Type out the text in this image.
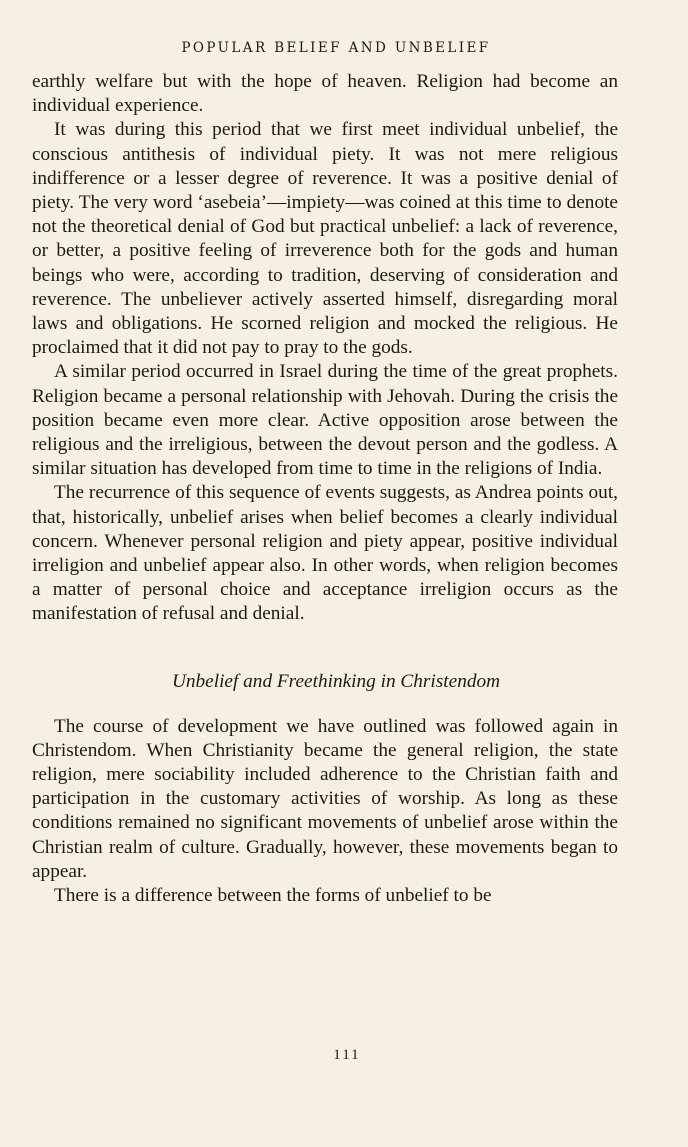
POPULAR BELIEF AND UNBELIEF

earthly welfare but with the hope of heaven. Religion had become an individual experience.

It was during this period that we first meet individual unbelief, the conscious antithesis of individual piety. It was not mere religious indifference or a lesser degree of reverence. It was a positive denial of piety. The very word ‘asebeia’—impiety—was coined at this time to denote not the theoretical denial of God but practical unbelief: a lack of reverence, or better, a positive feeling of irreverence both for the gods and human beings who were, according to tradition, deserving of consideration and reverence. The unbeliever actively asserted himself, disregarding moral laws and obligations. He scorned religion and mocked the religious. He proclaimed that it did not pay to pray to the gods.

A similar period occurred in Israel during the time of the great prophets. Religion became a personal relationship with Jehovah. During the crisis the position became even more clear. Active opposition arose between the religious and the irreligious, between the devout person and the godless. A similar situation has developed from time to time in the religions of India.

The recurrence of this sequence of events suggests, as Andrea points out, that, historically, unbelief arises when belief becomes a clearly individual concern. Whenever personal religion and piety appear, positive individual irreligion and unbelief appear also. In other words, when religion becomes a matter of personal choice and acceptance irreligion occurs as the manifestation of refusal and denial.

Unbelief and Freethinking in Christendom

The course of development we have outlined was followed again in Christendom. When Christianity became the general religion, the state religion, mere sociability included adherence to the Christian faith and participation in the customary activities of worship. As long as these conditions remained no significant movements of unbelief arose within the Christian realm of culture. Gradually, however, these movements began to appear.

There is a difference between the forms of unbelief to be

111
